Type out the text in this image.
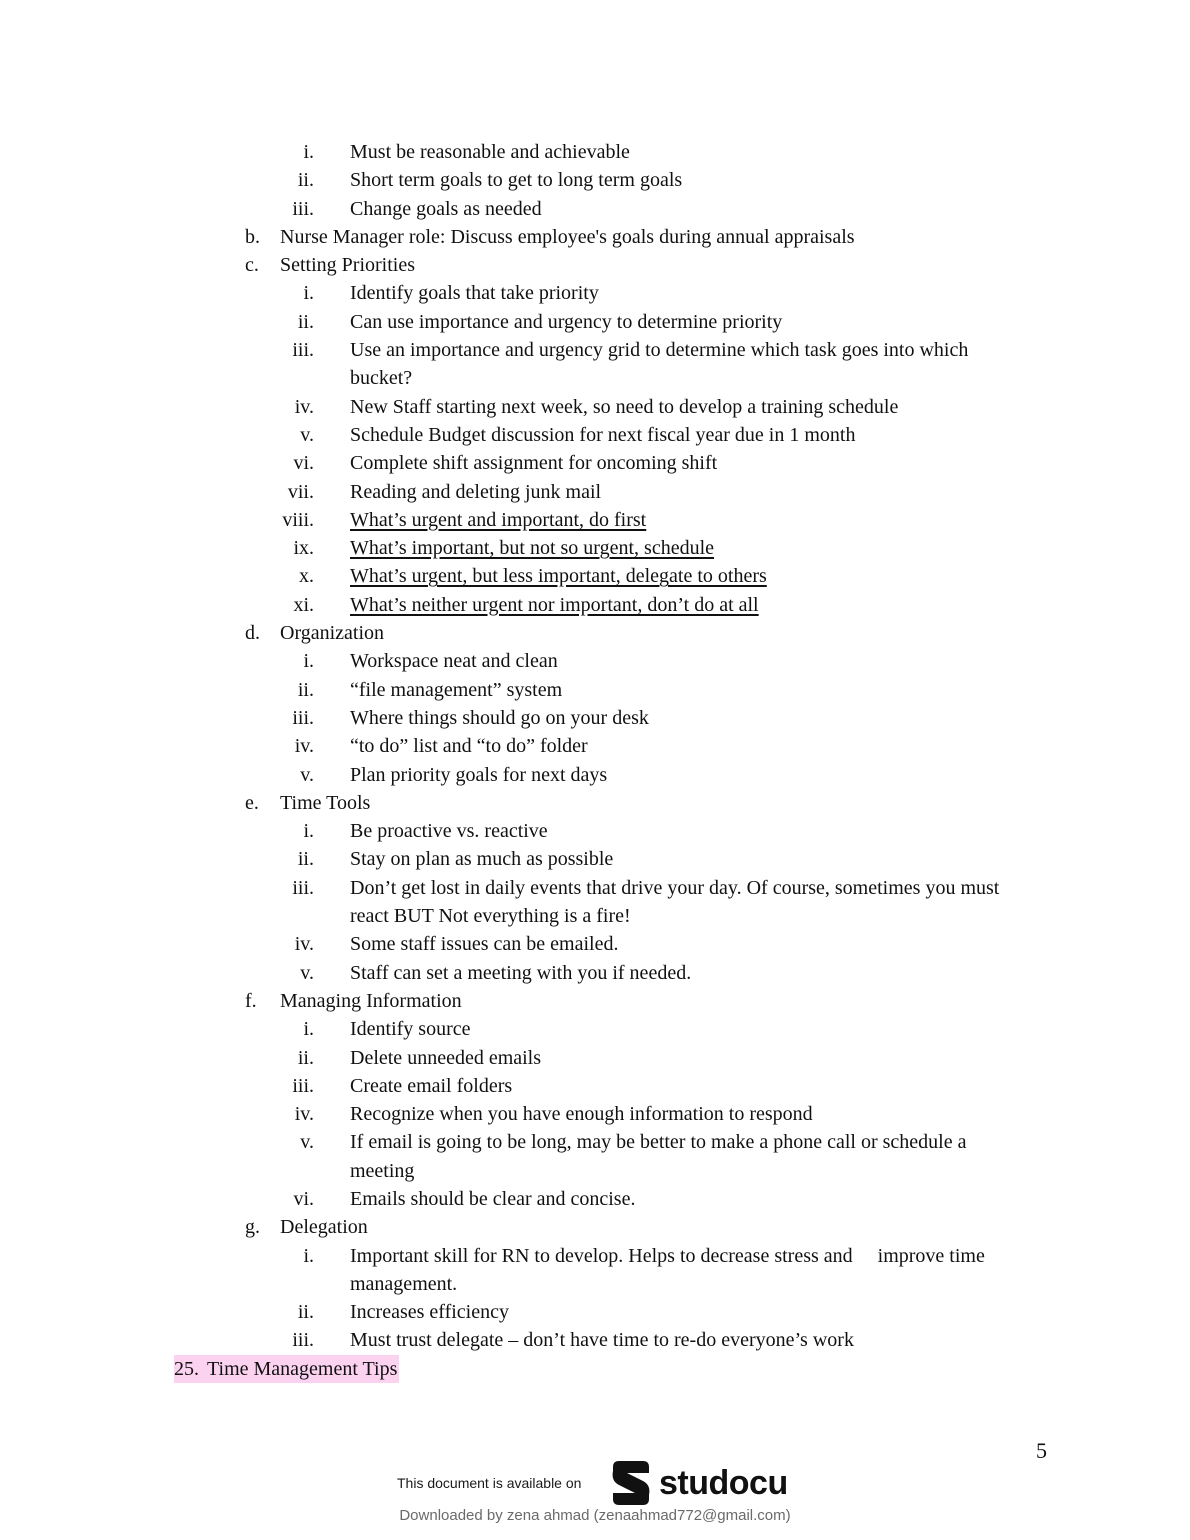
i. Must be reasonable and achievable
ii. Short term goals to get to long term goals
iii. Change goals as needed
b. Nurse Manager role: Discuss employee's goals during annual appraisals
c. Setting Priorities
i. Identify goals that take priority
ii. Can use importance and urgency to determine priority
iii. Use an importance and urgency grid to determine which task goes into which
bucket?
iv. New Staff starting next week, so need to develop a training schedule
v. Schedule Budget discussion for next fiscal year due in 1 month
vi. Complete shift assignment for oncoming shift
vii. Reading and deleting junk mail
viii. What’s urgent and important, do first
ix. What’s important, but not so urgent, schedule
x. What’s urgent, but less important, delegate to others
xi. What’s neither urgent nor important, don’t do at all
d. Organization
i. Workspace neat and clean
ii. “file management” system
iii. Where things should go on your desk
iv. “to do” list and “to do” folder
v. Plan priority goals for next days
e. Time Tools
i. Be proactive vs. reactive
ii. Stay on plan as much as possible
iii. Don’t get lost in daily events that drive your day. Of course, sometimes you must
react BUT Not everything is a fire!
iv. Some staff issues can be emailed.
v. Staff can set a meeting with you if needed.
f. Managing Information
i. Identify source
ii. Delete unneeded emails
iii. Create email folders
iv. Recognize when you have enough information to respond
v. If email is going to be long, may be better to make a phone call or schedule a
meeting
vi. Emails should be clear and concise.
g. Delegation
i. Important skill for RN to develop. Helps to decrease stress and     improve time
management.
ii. Increases efficiency
iii. Must trust delegate – don’t have time to re-do everyone’s work
25. Time Management Tips
5
This document is available on studocu
Downloaded by zena ahmad (zenaahmad772@gmail.com)
